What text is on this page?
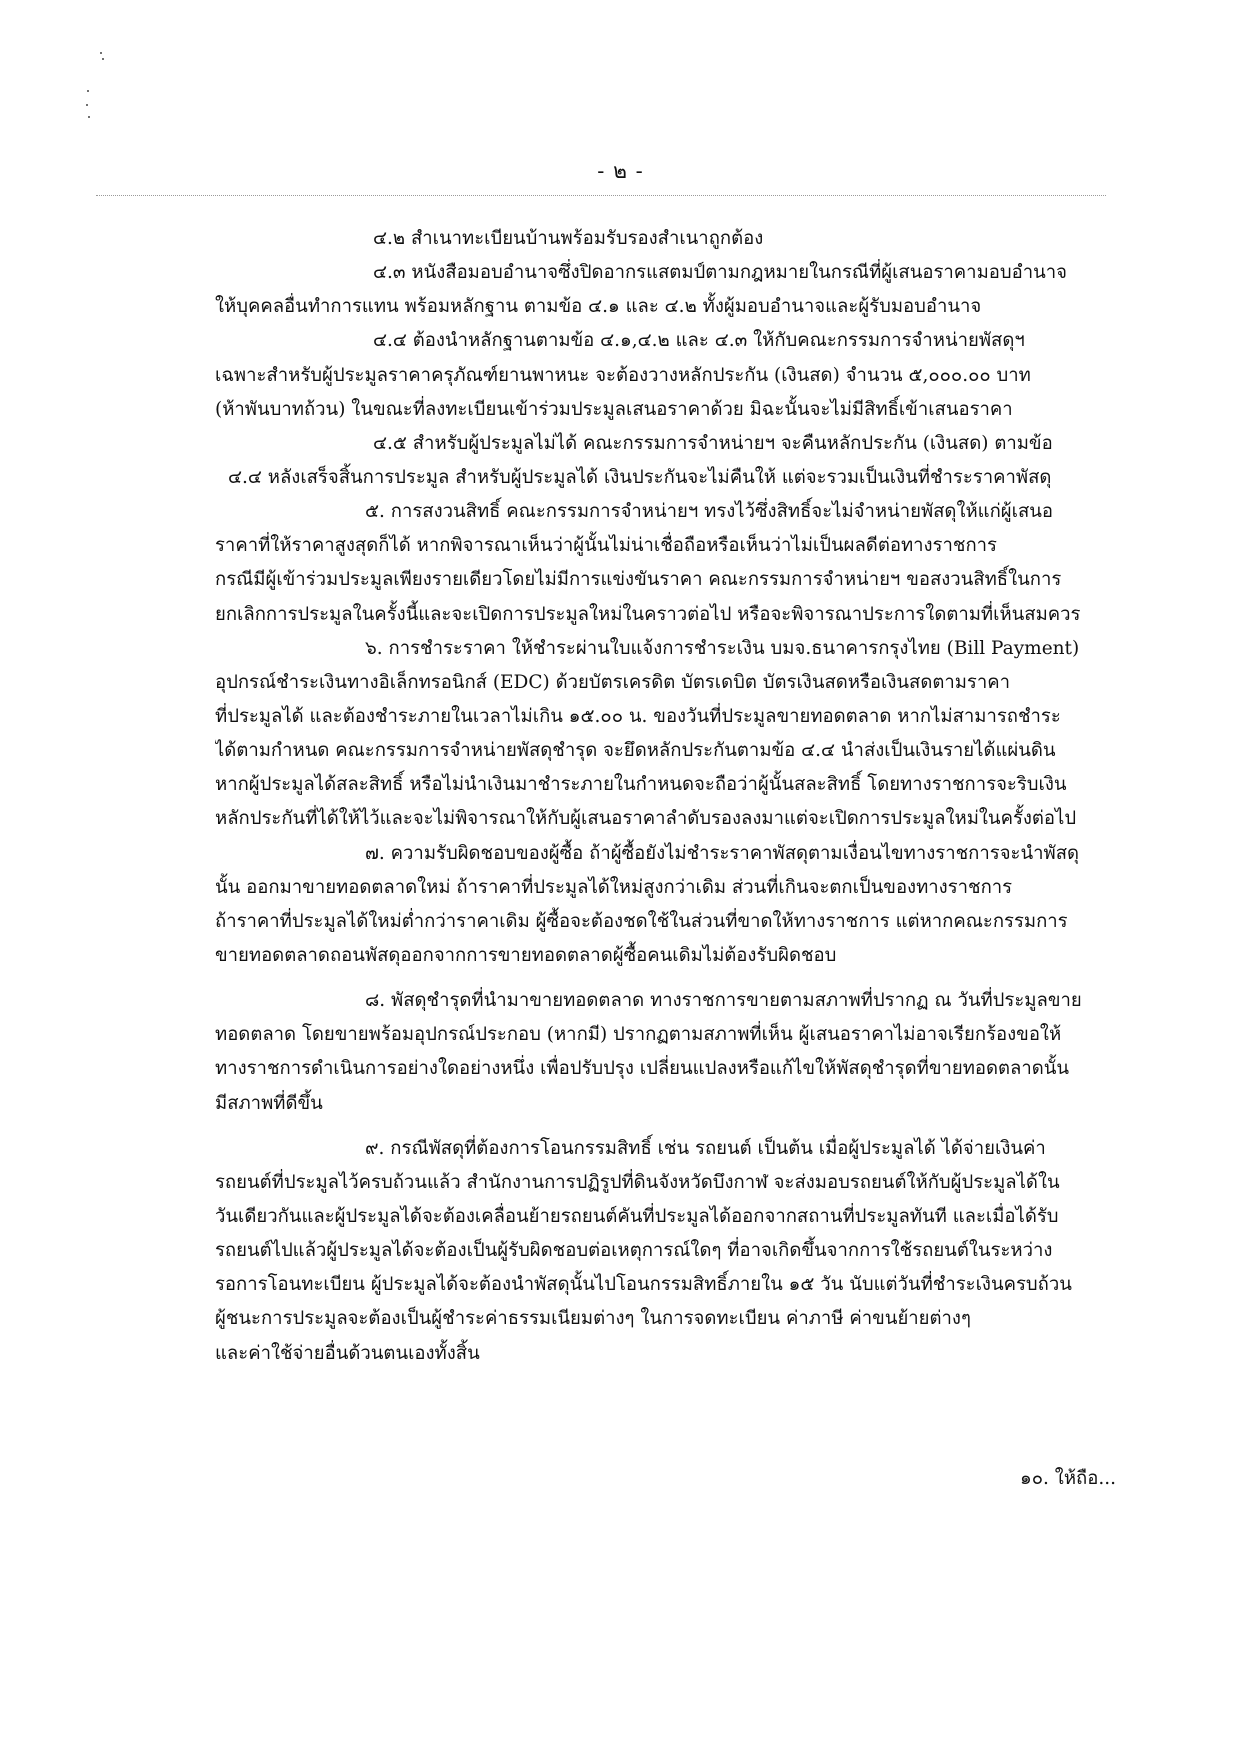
- ๒ -
๔.๒ สำเนาทะเบียนบ้านพร้อมรับรองสำเนาถูกต้อง
๔.๓ หนังสือมอบอำนาจซึ่งปิดอากรแสตมป์ตามกฎหมายในกรณีที่ผู้เสนอราคามอบอำนาจ
ให้บุคคลอื่นทำการแทน พร้อมหลักฐาน ตามข้อ ๔.๑ และ ๔.๒ ทั้งผู้มอบอำนาจและผู้รับมอบอำนาจ
๔.๔ ต้องนำหลักฐานตามข้อ ๔.๑,๔.๒ และ ๔.๓ ให้กับคณะกรรมการจำหน่ายพัสดุฯ
เฉพาะสำหรับผู้ประมูลราคาครุภัณฑ์ยานพาหนะ จะต้องวางหลักประกัน (เงินสด) จำนวน ๕,๐๐๐.๐๐ บาท
(ห้าพันบาทถ้วน) ในขณะที่ลงทะเบียนเข้าร่วมประมูลเสนอราคาด้วย มิฉะนั้นจะไม่มีสิทธิ์เข้าเสนอราคา
๔.๕ สำหรับผู้ประมูลไม่ได้ คณะกรรมการจำหน่ายฯ จะคืนหลักประกัน (เงินสด) ตามข้อ
๔.๔ หลังเสร็จสิ้นการประมูล สำหรับผู้ประมูลได้ เงินประกันจะไม่คืนให้ แต่จะรวมเป็นเงินที่ชำระราคาพัสดุ
๕. การสงวนสิทธิ์ คณะกรรมการจำหน่ายฯ ทรงไว้ซึ่งสิทธิ์จะไม่จำหน่ายพัสดุให้แก่ผู้เสนอ
ราคาที่ให้ราคาสูงสุดก็ได้ หากพิจารณาเห็นว่าผู้นั้นไม่น่าเชื่อถือหรือเห็นว่าไม่เป็นผลดีต่อทางราชการ
กรณีมีผู้เข้าร่วมประมูลเพียงรายเดียวโดยไม่มีการแข่งขันราคา คณะกรรมการจำหน่ายฯ ขอสงวนสิทธิ์ในการ
ยกเลิกการประมูลในครั้งนี้และจะเปิดการประมูลใหม่ในคราวต่อไป หรือจะพิจารณาประการใดตามที่เห็นสมควร
๖. การชำระราคา ให้ชำระผ่านใบแจ้งการชำระเงิน บมจ.ธนาคารกรุงไทย (Bill Payment)
อุปกรณ์ชำระเงินทางอิเล็กทรอนิกส์ (EDC) ด้วยบัตรเครดิต บัตรเดบิต บัตรเงินสดหรือเงินสดตามราคา
ที่ประมูลได้ และต้องชำระภายในเวลาไม่เกิน ๑๕.๐๐ น. ของวันที่ประมูลขายทอดตลาด หากไม่สามารถชำระ
ได้ตามกำหนด คณะกรรมการจำหน่ายพัสดุชำรุด จะยึดหลักประกันตามข้อ ๔.๔ นำส่งเป็นเงินรายได้แผ่นดิน
หากผู้ประมูลได้สละสิทธิ์ หรือไม่นำเงินมาชำระภายในกำหนดจะถือว่าผู้นั้นสละสิทธิ์ โดยทางราชการจะริบเงิน
หลักประกันที่ได้ให้ไว้และจะไม่พิจารณาให้กับผู้เสนอราคาลำดับรองลงมาแต่จะเปิดการประมูลใหม่ในครั้งต่อไป
๗. ความรับผิดชอบของผู้ซื้อ ถ้าผู้ซื้อยังไม่ชำระราคาพัสดุตามเงื่อนไขทางราชการจะนำพัสดุ
นั้น ออกมาขายทอดตลาดใหม่ ถ้าราคาที่ประมูลได้ใหม่สูงกว่าเดิม ส่วนที่เกินจะตกเป็นของทางราชการ
ถ้าราคาที่ประมูลได้ใหม่ต่ำกว่าราคาเดิม ผู้ซื้อจะต้องชดใช้ในส่วนที่ขาดให้ทางราชการ แต่หากคณะกรรมการ
ขายทอดตลาดถอนพัสดุออกจากการขายทอดตลาดผู้ซื้อคนเดิมไม่ต้องรับผิดชอบ
๘. พัสดุชำรุดที่นำมาขายทอดตลาด ทางราชการขายตามสภาพที่ปรากฏ ณ วันที่ประมูลขาย
ทอดตลาด โดยขายพร้อมอุปกรณ์ประกอบ (หากมี) ปรากฏตามสภาพที่เห็น ผู้เสนอราคาไม่อาจเรียกร้องขอให้
ทางราชการดำเนินการอย่างใดอย่างหนึ่ง เพื่อปรับปรุง เปลี่ยนแปลงหรือแก้ไขให้พัสดุชำรุดที่ขายทอดตลาดนั้น
มีสภาพที่ดีขึ้น
๙. กรณีพัสดุที่ต้องการโอนกรรมสิทธิ์ เช่น รถยนต์ เป็นต้น เมื่อผู้ประมูลได้ ได้จ่ายเงินค่า
รถยนต์ที่ประมูลไว้ครบถ้วนแล้ว สำนักงานการปฏิรูปที่ดินจังหวัดบึงกาฬ จะส่งมอบรถยนต์ให้กับผู้ประมูลได้ใน
วันเดียวกันและผู้ประมูลได้จะต้องเคลื่อนย้ายรถยนต์คันที่ประมูลได้ออกจากสถานที่ประมูลทันที และเมื่อได้รับ
รถยนต์ไปแล้วผู้ประมูลได้จะต้องเป็นผู้รับผิดชอบต่อเหตุการณ์ใดๆ ที่อาจเกิดขึ้นจากการใช้รถยนต์ในระหว่าง
รอการโอนทะเบียน ผู้ประมูลได้จะต้องนำพัสดุนั้นไปโอนกรรมสิทธิ์ภายใน ๑๕ วัน นับแต่วันที่ชำระเงินครบถ้วน
ผู้ชนะการประมูลจะต้องเป็นผู้ชำระค่าธรรมเนียมต่างๆ ในการจดทะเบียน ค่าภาษี ค่าขนย้ายต่างๆ
และค่าใช้จ่ายอื่นด้วนตนเองทั้งสิ้น
๑๐. ให้ถือ...
